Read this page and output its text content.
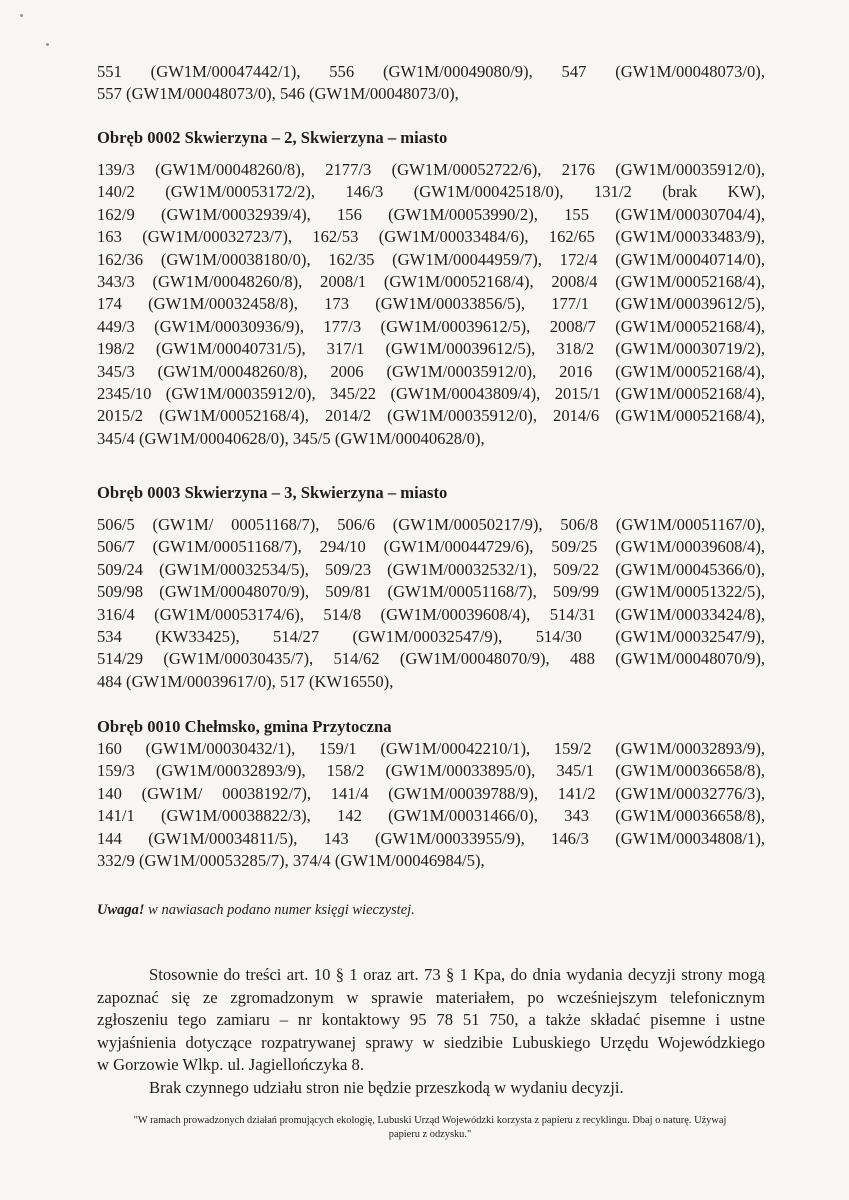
551 (GW1M/00047442/1), 556 (GW1M/00049080/9), 547 (GW1M/00048073/0),
557 (GW1M/00048073/0), 546 (GW1M/00048073/0),

Obręb 0002 Skwierzyna – 2, Skwierzyna – miasto

139/3 (GW1M/00048260/8), 2177/3 (GW1M/00052722/6), 2176 (GW1M/00035912/0),
140/2 (GW1M/00053172/2), 146/3 (GW1M/00042518/0), 131/2 (brak KW),
162/9 (GW1M/00032939/4), 156 (GW1M/00053990/2), 155 (GW1M/00030704/4),
163 (GW1M/00032723/7), 162/53 (GW1M/00033484/6), 162/65 (GW1M/00033483/9),
162/36 (GW1M/00038180/0), 162/35 (GW1M/00044959/7), 172/4 (GW1M/00040714/0),
343/3 (GW1M/00048260/8), 2008/1 (GW1M/00052168/4), 2008/4 (GW1M/00052168/4),
174 (GW1M/00032458/8), 173 (GW1M/00033856/5), 177/1 (GW1M/00039612/5),
449/3 (GW1M/00030936/9), 177/3 (GW1M/00039612/5), 2008/7 (GW1M/00052168/4),
198/2 (GW1M/00040731/5), 317/1 (GW1M/00039612/5), 318/2 (GW1M/00030719/2),
345/3 (GW1M/00048260/8), 2006 (GW1M/00035912/0), 2016 (GW1M/00052168/4),
2345/10 (GW1M/00035912/0), 345/22 (GW1M/00043809/4), 2015/1 (GW1M/00052168/4),
2015/2 (GW1M/00052168/4), 2014/2 (GW1M/00035912/0), 2014/6 (GW1M/00052168/4),
345/4 (GW1M/00040628/0), 345/5 (GW1M/00040628/0),

Obręb 0003 Skwierzyna – 3, Skwierzyna – miasto

506/5 (GW1M/ 00051168/7), 506/6 (GW1M/00050217/9), 506/8 (GW1M/00051167/0),
506/7 (GW1M/00051168/7), 294/10 (GW1M/00044729/6), 509/25 (GW1M/00039608/4),
509/24 (GW1M/00032534/5), 509/23 (GW1M/00032532/1), 509/22 (GW1M/00045366/0),
509/98 (GW1M/00048070/9), 509/81 (GW1M/00051168/7), 509/99 (GW1M/00051322/5),
316/4 (GW1M/00053174/6), 514/8 (GW1M/00039608/4), 514/31 (GW1M/00033424/8),
534 (KW33425), 514/27 (GW1M/00032547/9), 514/30 (GW1M/00032547/9),
514/29 (GW1M/00030435/7), 514/62 (GW1M/00048070/9), 488 (GW1M/00048070/9),
484 (GW1M/00039617/0), 517 (KW16550),

Obręb 0010 Chełmsko, gmina Przytoczna

160 (GW1M/00030432/1), 159/1 (GW1M/00042210/1), 159/2 (GW1M/00032893/9),
159/3 (GW1M/00032893/9), 158/2 (GW1M/00033895/0), 345/1 (GW1M/00036658/8),
140 (GW1M/ 00038192/7), 141/4 (GW1M/00039788/9), 141/2 (GW1M/00032776/3),
141/1 (GW1M/00038822/3), 142 (GW1M/00031466/0), 343 (GW1M/00036658/8),
144 (GW1M/00034811/5), 143 (GW1M/00033955/9), 146/3 (GW1M/00034808/1),
332/9 (GW1M/00053285/7), 374/4 (GW1M/00046984/5),

Uwaga! w nawiasach podano numer księgi wieczystej.
Stosownie do treści art. 10 § 1 oraz art. 73 § 1 Kpa, do dnia wydania decyzji strony mogą
zapoznać się ze zgromadzonym w sprawie materiałem, po wcześniejszym telefonicznym
zgłoszeniu tego zamiaru – nr kontaktowy 95 78 51 750, a także składać pisemne i ustne
wyjaśnienia dotyczące rozpatrywanej sprawy w siedzibie Lubuskiego Urzędu Wojewódzkiego
w Gorzowie Wlkp. ul. Jagiellończyka 8.
Brak czynnego udziału stron nie będzie przeszkodą w wydaniu decyzji.
"W ramach prowadzonych działań promujących ekologię, Lubuski Urząd Wojewódzki korzysta z papieru z recyklingu. Dbaj o naturę. Używaj
papieru z odzysku."
